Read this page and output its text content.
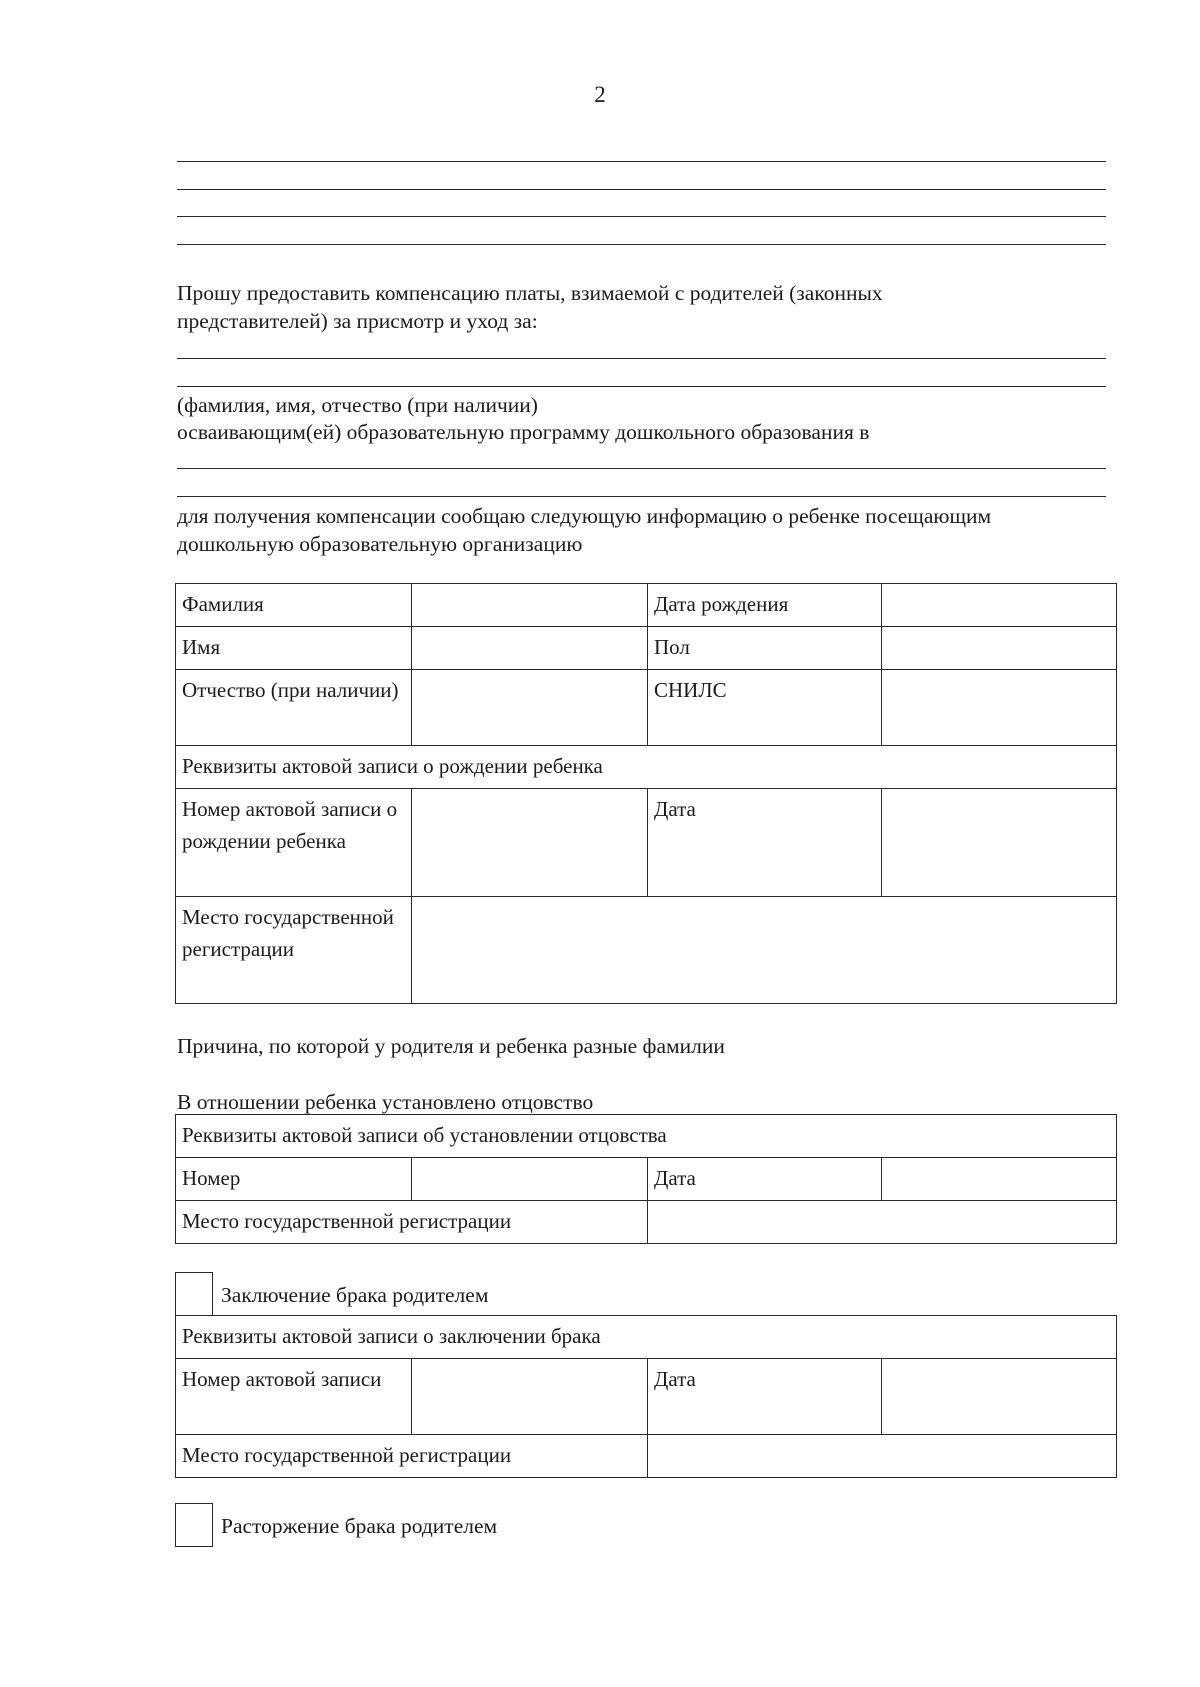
2
Прошу предоставить компенсацию платы, взимаемой с родителей (законных
представителей) за присмотр и уход за:
(фамилия, имя, отчество (при наличии)
осваивающим(ей) образовательную программу дошкольного образования в
для получения компенсации сообщаю следующую информацию о ребенке посещающим
дошкольную образовательную организацию
Фамилия		Дата рождения	
Имя		Пол	
Отчество (при наличии)		СНИЛС	
Реквизиты актовой записи о рождении ребенка			
Номер актовой записи о рождении ребенка		Дата	
Место государственной регистрации			
Причина, по которой у родителя и ребенка разные фамилии
В отношении ребенка установлено отцовство
Реквизиты актовой записи об установлении отцовства			
Номер		Дата	
Место государственной регистрации			
Заключение брака родителем
Реквизиты актовой записи о заключении брака			
Номер актовой записи		Дата	
Место государственной регистрации			
Расторжение брака родителем
